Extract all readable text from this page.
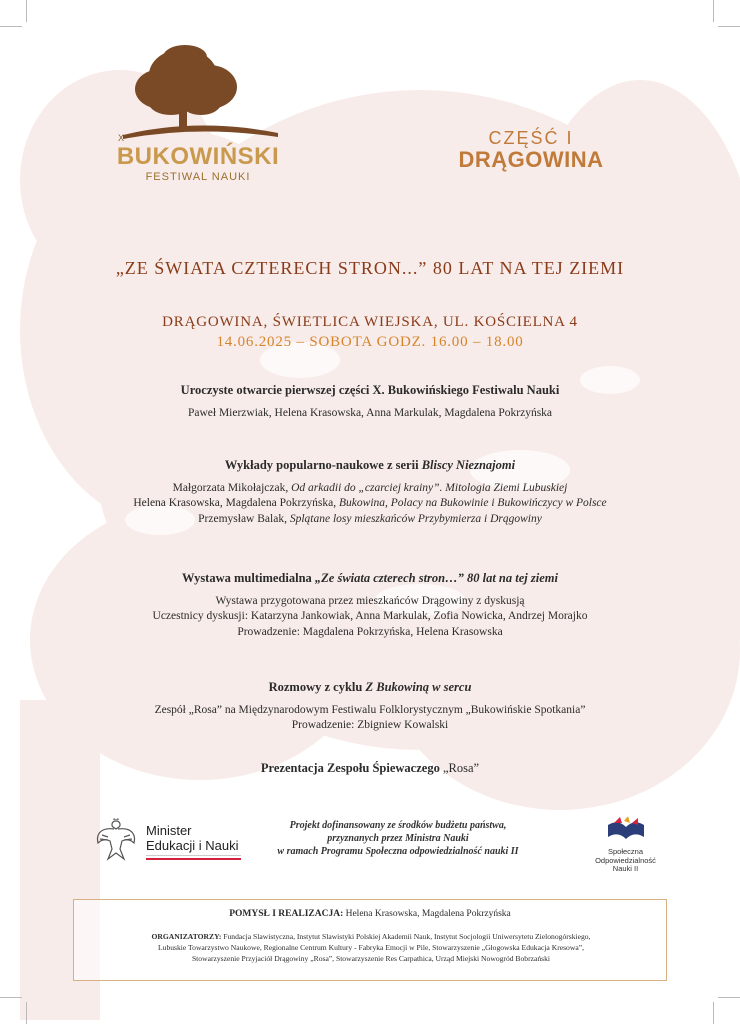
X
BUKOWIŃSKI
FESTIWAL NAUKI
CZĘŚĆ I
DRĄGOWINA
„ZE ŚWIATA CZTERECH STRON...” 80 LAT NA TEJ ZIEMI
DRĄGOWINA, ŚWIETLICA WIEJSKA, UL. KOŚCIELNA 4
14.06.2025 – SOBOTA GODZ. 16.00 – 18.00
Uroczyste otwarcie pierwszej części X. Bukowińskiego Festiwalu Nauki
Paweł Mierzwiak, Helena Krasowska, Anna Markulak, Magdalena Pokrzyńska
Wykłady popularno-naukowe z serii Bliscy Nieznajomi
Małgorzata Mikołajczak, Od arkadii do „czarciej krainy”. Mitologia Ziemi Lubuskiej
Helena Krasowska, Magdalena Pokrzyńska, Bukowina, Polacy na Bukowinie i Bukowińczycy w Polsce
Przemysław Balak, Splątane losy mieszkańców Przybymierza i Drągowiny
Wystawa multimedialna „Ze świata czterech stron…” 80 lat na tej ziemi
Wystawa przygotowana przez mieszkańców Drągowiny z dyskusją
Uczestnicy dyskusji: Katarzyna Jankowiak, Anna Markulak, Zofia Nowicka, Andrzej Morajko
Prowadzenie: Magdalena Pokrzyńska, Helena Krasowska
Rozmowy z cyklu Z Bukowiną w sercu
Zespół „Rosa” na Międzynarodowym Festiwalu Folklorystycznym „Bukowińskie Spotkania”
Prowadzenie: Zbigniew Kowalski
Prezentacja Zespołu Śpiewaczego „Rosa”
Minister
Edukacji i Nauki
Projekt dofinansowany ze środków budżetu państwa,
przyznanych przez Ministra Nauki
w ramach Programu Społeczna odpowiedzialność nauki II	Społeczna
Odpowiedzialność
Nauki II
POMYSŁ I REALIZACJA: Helena Krasowska, Magdalena Pokrzyńska
ORGANIZATORZY: Fundacja Slawistyczna, Instytut Slawistyki Polskiej Akademii Nauk, Instytut Socjologii Uniwersytetu Zielonogórskiego,
Lubuskie Towarzystwo Naukowe, Regionalne Centrum Kultury - Fabryka Emocji w Pile, Stowarzyszenie „Głogowska Edukacja Kresowa”,
Stowarzyszenie Przyjaciół Drągowiny „Rosa”, Stowarzyszenie Res Carpathica, Urząd Miejski Nowogród Bobrzański
